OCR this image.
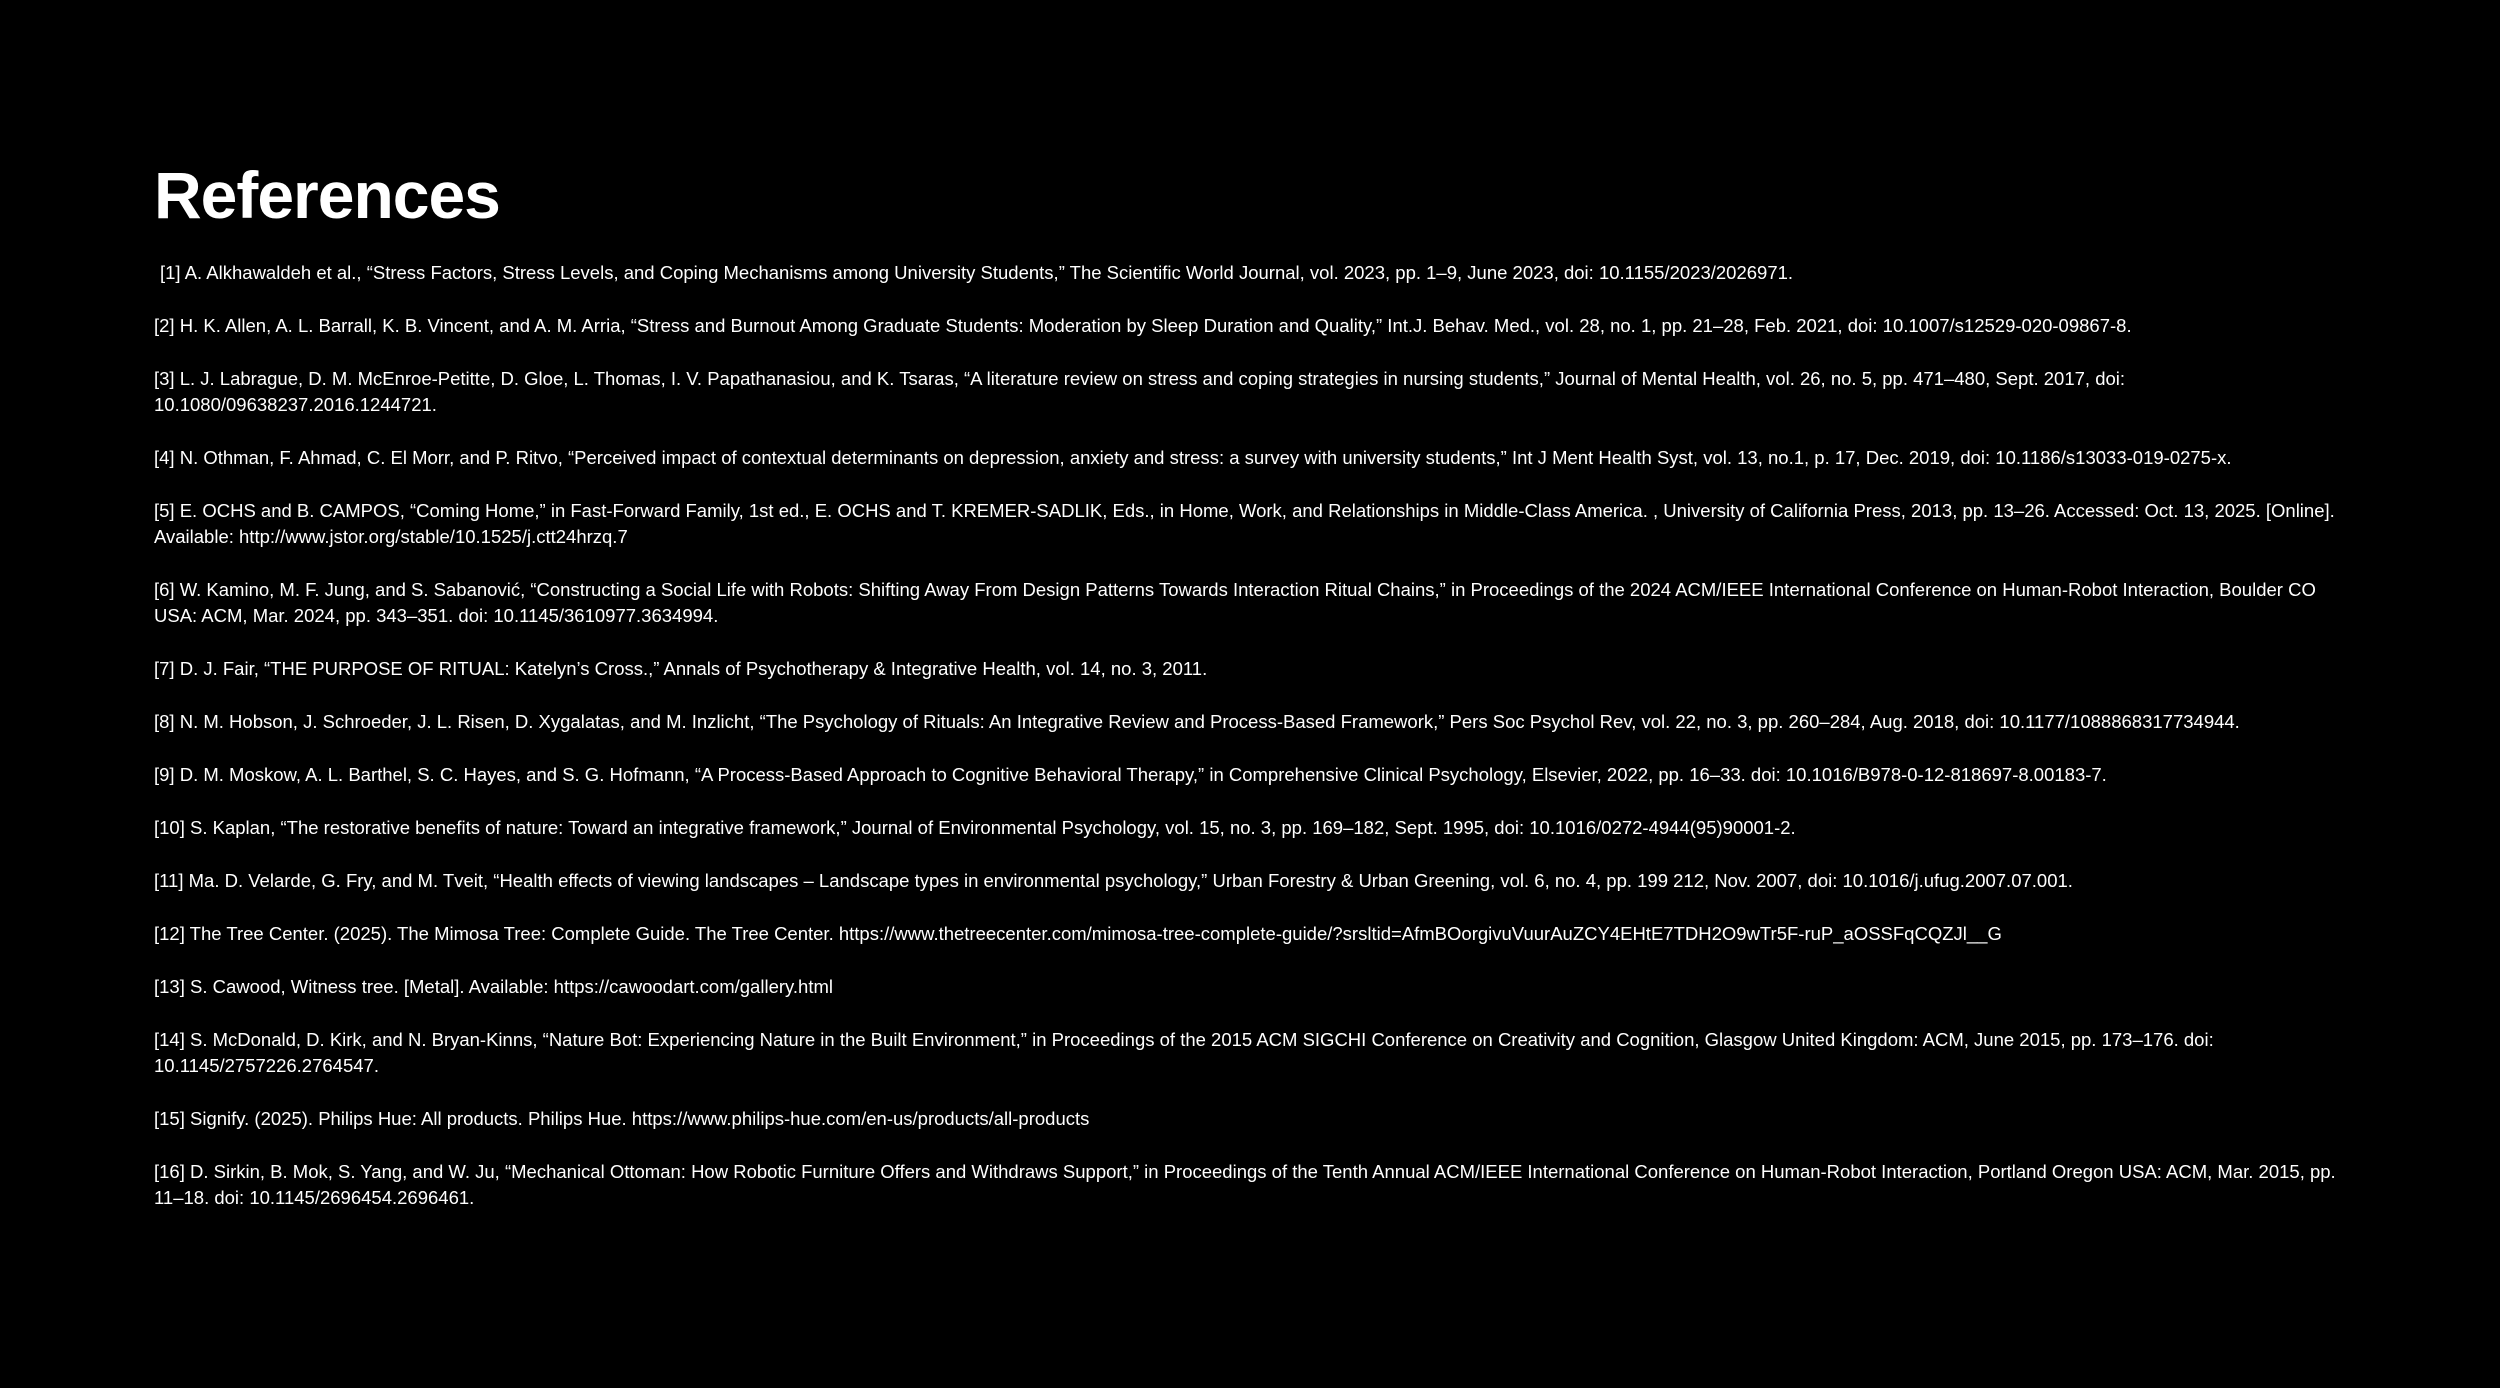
References

[1] A. Alkhawaldeh et al., “Stress Factors, Stress Levels, and Coping Mechanisms among University Students,” The Scientific World Journal, vol. 2023, pp. 1–9, June 2023, doi: 10.1155/2023/2026971.

[2] H. K. Allen, A. L. Barrall, K. B. Vincent, and A. M. Arria, “Stress and Burnout Among Graduate Students: Moderation by Sleep Duration and Quality,” Int.J. Behav. Med., vol. 28, no. 1, pp. 21–28, Feb. 2021, doi: 10.1007/s12529-020-09867-8.

[3] L. J. Labrague, D. M. McEnroe‐Petitte, D. Gloe, L. Thomas, I. V. Papathanasiou, and K. Tsaras, “A literature review on stress and coping strategies in nursing students,” Journal of Mental Health, vol. 26, no. 5, pp. 471–480, Sept. 2017, doi: 10.1080/09638237.2016.1244721.

[4] N. Othman, F. Ahmad, C. El Morr, and P. Ritvo, “Perceived impact of contextual determinants on depression, anxiety and stress: a survey with university students,” Int J Ment Health Syst, vol. 13, no.1, p. 17, Dec. 2019, doi: 10.1186/s13033-019-0275-x.

[5] E. OCHS and B. CAMPOS, “Coming Home,” in Fast-Forward Family, 1st ed., E. OCHS and T. KREMER-SADLIK, Eds., in Home, Work, and Relationships in Middle-Class America. , University of California Press, 2013, pp. 13–26. Accessed: Oct. 13, 2025. [Online]. Available: http://www.jstor.org/stable/10.1525/j.ctt24hrzq.7

[6] W. Kamino, M. F. Jung, and S. Sabanović, “Constructing a Social Life with Robots: Shifting Away From Design Patterns Towards Interaction Ritual Chains,” in Proceedings of the 2024 ACM/IEEE International Conference on Human-Robot Interaction, Boulder CO USA: ACM, Mar. 2024, pp. 343–351. doi: 10.1145/3610977.3634994.

[7] D. J. Fair, “THE PURPOSE OF RITUAL: Katelyn’s Cross.,” Annals of Psychotherapy & Integrative Health, vol. 14, no. 3, 2011.

[8] N. M. Hobson, J. Schroeder, J. L. Risen, D. Xygalatas, and M. Inzlicht, “The Psychology of Rituals: An Integrative Review and Process-Based Framework,” Pers Soc Psychol Rev, vol. 22, no. 3, pp. 260–284, Aug. 2018, doi: 10.1177/1088868317734944.

[9] D. M. Moskow, A. L. Barthel, S. C. Hayes, and S. G. Hofmann, “A Process-Based Approach to Cognitive Behavioral Therapy,” in Comprehensive Clinical Psychology, Elsevier, 2022, pp. 16–33. doi: 10.1016/B978-0-12-818697-8.00183-7.

[10] S. Kaplan, “The restorative benefits of nature: Toward an integrative framework,” Journal of Environmental Psychology, vol. 15, no. 3, pp. 169–182, Sept. 1995, doi: 10.1016/0272-4944(95)90001-2.

[11] Ma. D. Velarde, G. Fry, and M. Tveit, “Health effects of viewing landscapes – Landscape types in environmental psychology,” Urban Forestry & Urban Greening, vol. 6, no. 4, pp. 199 212, Nov. 2007, doi: 10.1016/j.ufug.2007.07.001.

[12] The Tree Center. (2025). The Mimosa Tree: Complete Guide. The Tree Center. https://www.thetreecenter.com/mimosa-tree-complete-guide/?srsltid=AfmBOorgivuVuurAuZCY4EHtE7TDH2O9wTr5F-ruP_aOSSFqCQZJl__G

[13] S. Cawood, Witness tree. [Metal]. Available: https://cawoodart.com/gallery.html

[14] S. McDonald, D. Kirk, and N. Bryan-Kinns, “Nature Bot: Experiencing Nature in the Built Environment,” in Proceedings of the 2015 ACM SIGCHI Conference on Creativity and Cognition, Glasgow United Kingdom: ACM, June 2015, pp. 173–176. doi: 10.1145/2757226.2764547.

[15] Signify. (2025). Philips Hue: All products. Philips Hue. https://www.philips-hue.com/en-us/products/all-products

[16] D. Sirkin, B. Mok, S. Yang, and W. Ju, “Mechanical Ottoman: How Robotic Furniture Offers and Withdraws Support,” in Proceedings of the Tenth Annual ACM/IEEE International Conference on Human-Robot Interaction, Portland Oregon USA: ACM, Mar. 2015, pp. 11–18. doi: 10.1145/2696454.2696461.
